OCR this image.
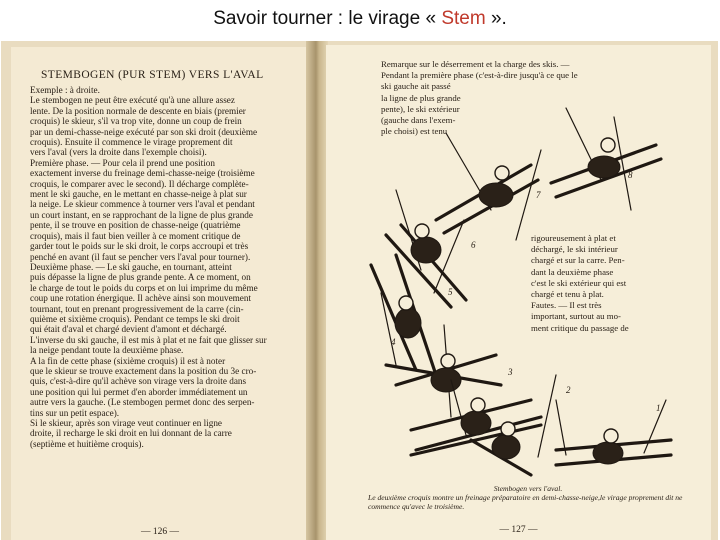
Savoir tourner : le virage « Stem ».
STEMBOGEN (PUR STEM) VERS L'AVAL
Exemple : à droite.
Le stembogen ne peut être exécuté qu'à une allure assez
lente. De la position normale de descente en biais (premier
croquis) le skieur, s'il va trop vite, donne un coup de frein
par un demi-chasse-neige exécuté par son ski droit (deuxième
croquis). Ensuite il commence le virage proprement dit
vers l'aval (vers la droite dans l'exemple choisi).
Première phase. — Pour cela il prend une position
exactement inverse du freinage demi-chasse-neige (troisième
croquis, le comparer avec le second). Il décharge complète-
ment le ski gauche, en le mettant en chasse-neige à plat sur
la neige. Le skieur commence à tourner vers l'aval et pendant
un court instant, en se rapprochant de la ligne de plus grande
pente, il se trouve en position de chasse-neige (quatrième
croquis), mais il faut bien veiller à ce moment critique de
garder tout le poids sur le ski droit, le corps accroupi et très
penché en avant (il faut se pencher vers l'aval pour tourner).
Deuxième phase. — Le ski gauche, en tournant, atteint
puis dépasse la ligne de plus grande pente. A ce moment, on
le charge de tout le poids du corps et on lui imprime du même
coup une rotation énergique. Il achève ainsi son mouvement
tournant, tout en prenant progressivement de la carre (cin-
quième et sixième croquis). Pendant ce temps le ski droit
qui était d'aval et chargé devient d'amont et déchargé.
L'inverse du ski gauche, il est mis à plat et ne fait que glisser sur
la neige pendant toute la deuxième phase.
A la fin de cette phase (sixième croquis) il est à noter
que le skieur se trouve exactement dans la position du 3e cro-
quis, c'est-à-dire qu'il achève son virage vers la droite dans
une position qui lui permet d'en aborder immédiatement un
autre vers la gauche. (Le stembogen permet donc des serpen-
tins sur un petit espace).
Si le skieur, après son virage veut continuer en ligne
droite, il recharge le ski droit en lui donnant de la carre
(septième et huitième croquis).
— 126 —
Remarque sur le déserrement et la charge des skis. —
Pendant la première phase (c'est-à-dire jusqu'à ce que le
ski gauche ait passé
la ligne de plus grande
pente), le ski extérieur
(gauche dans l'exem-
ple choisi) est tenu
rigoureusement à plat et
déchargé, le ski intérieur
chargé et sur la carre. Pen-
dant la deuxième phase
c'est le ski extérieur qui est
chargé et tenu à plat.
Fautes. — Il est très
important, surtout au mo-
ment critique du passage de
1
2
3
4
5
6
7
8
Stembogen vers l'aval.
Le deuxième croquis montre un freinage préparatoire en demi-chasse-neige,le virage proprement dit ne commence qu'avec le troisième.
— 127 —
